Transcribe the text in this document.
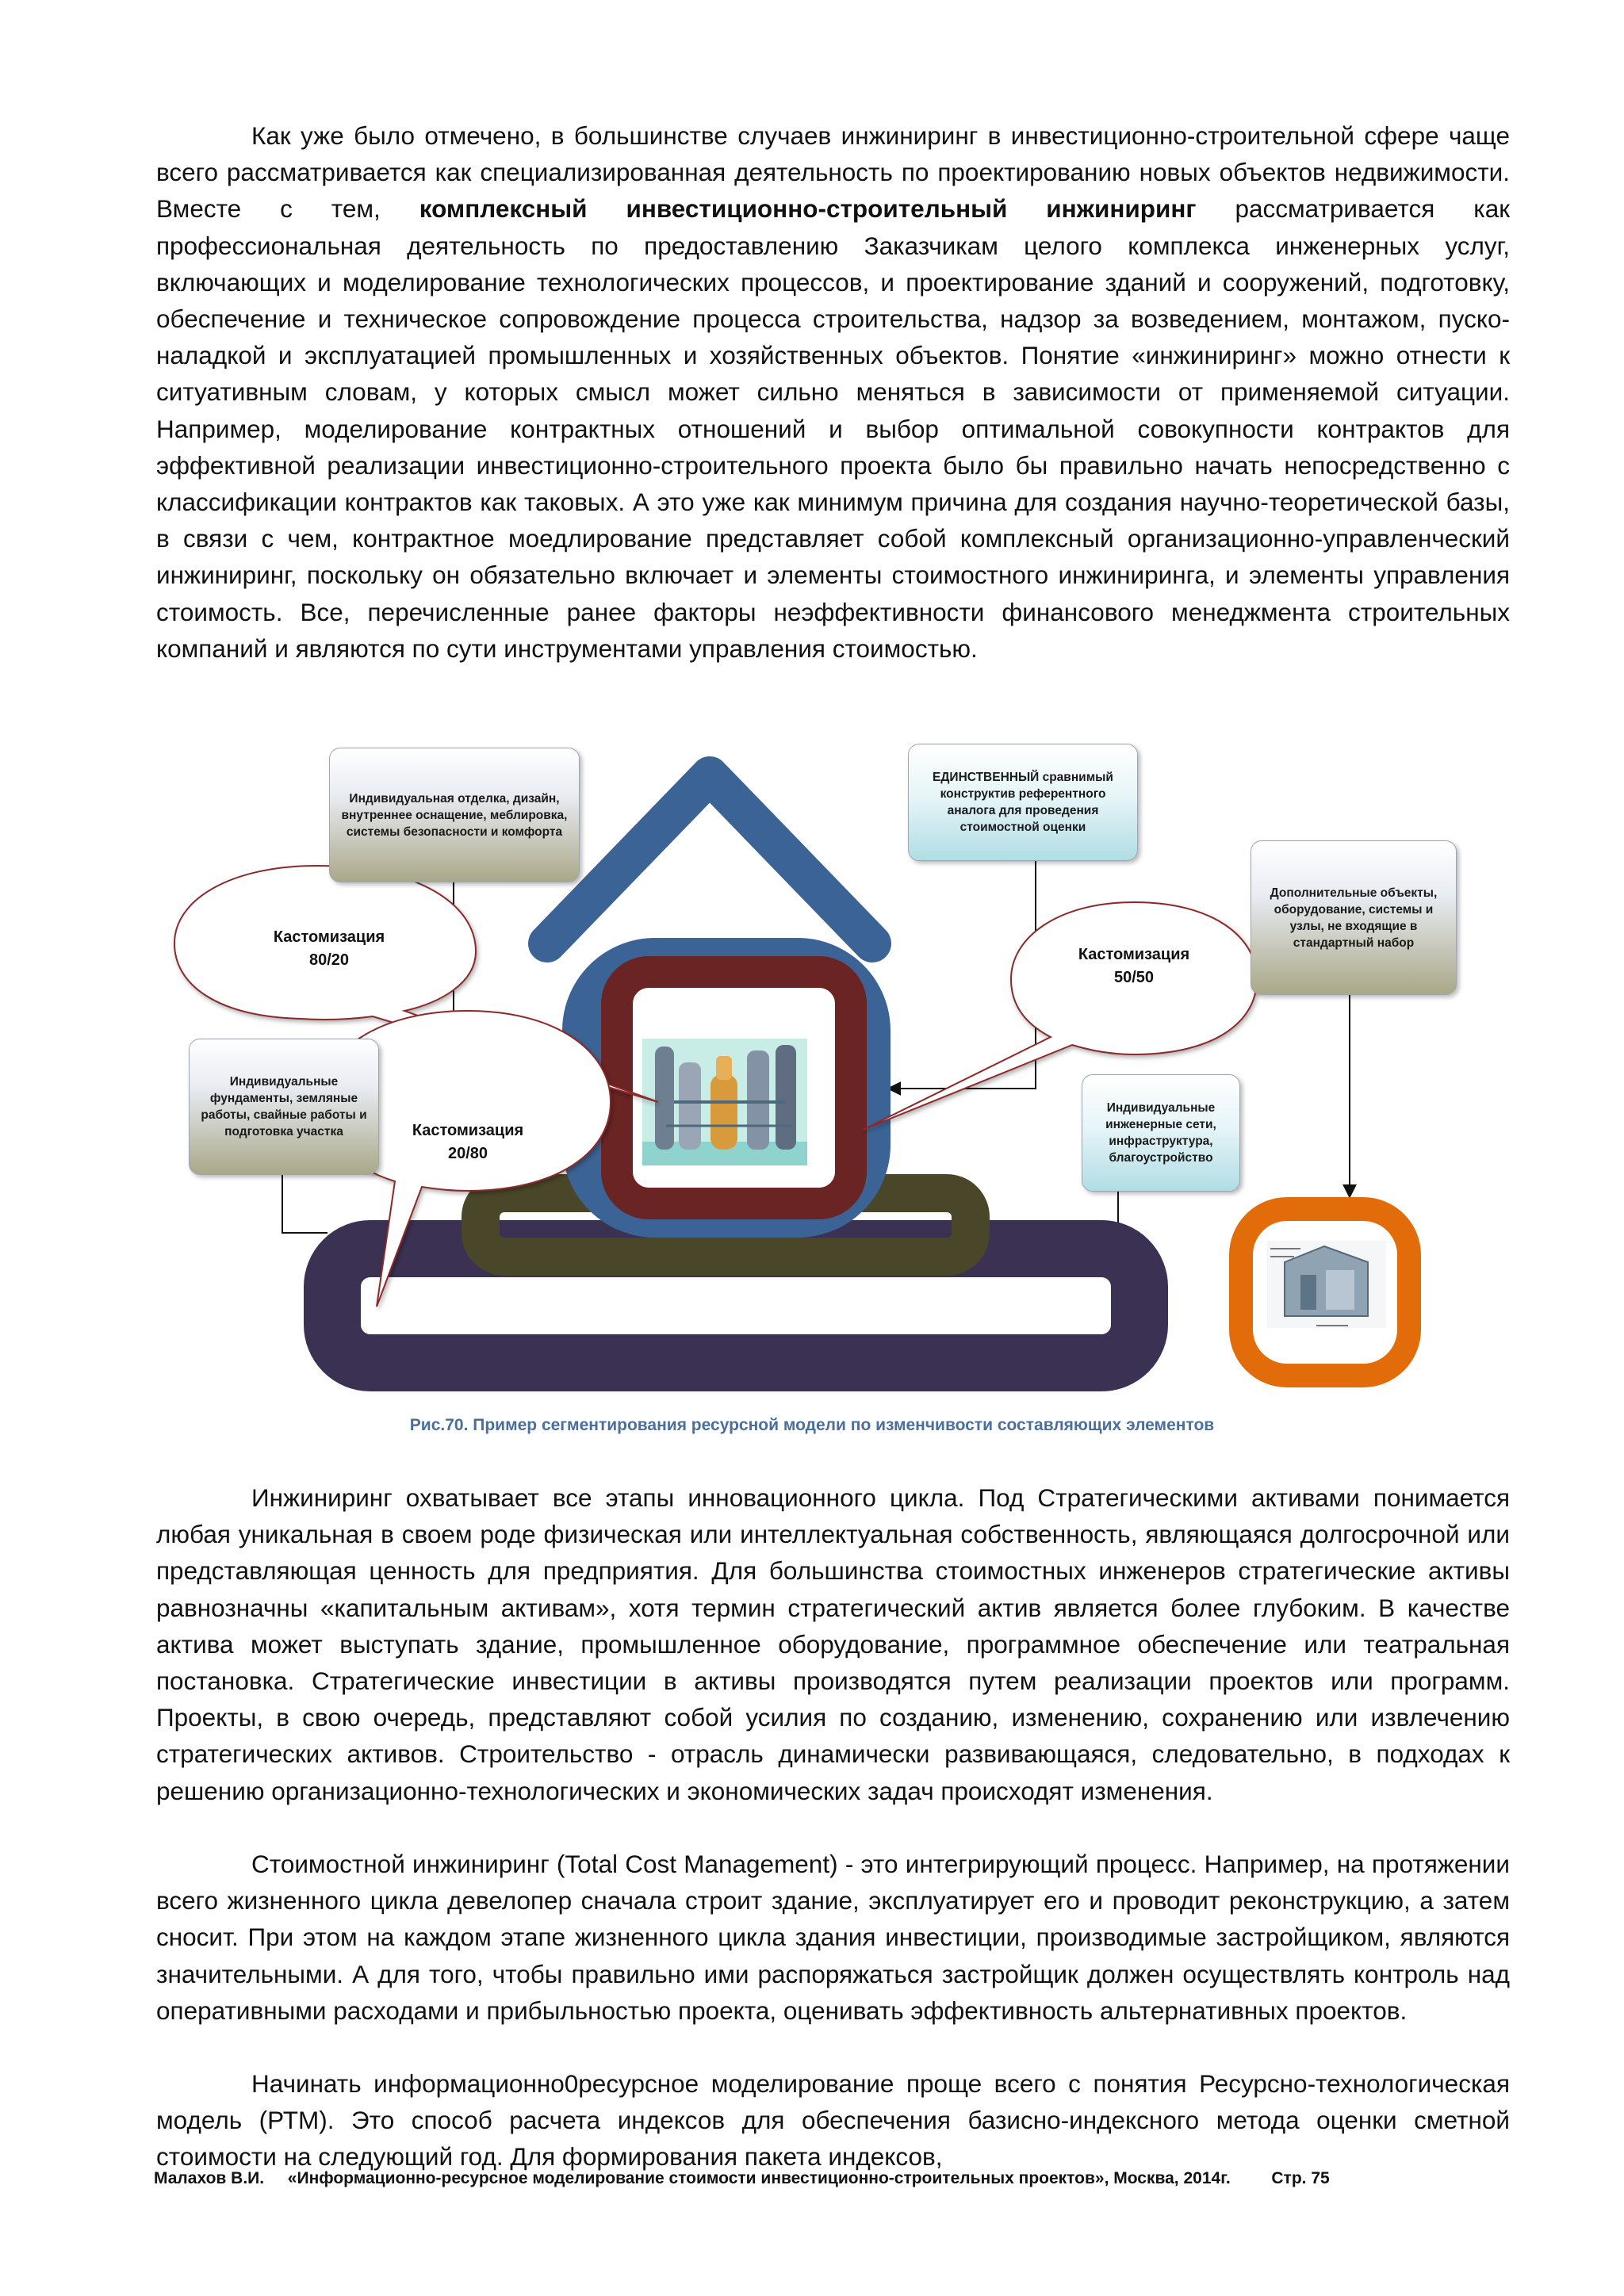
Как уже было отмечено, в большинстве случаев инжиниринг в инвестиционно-строительной сфере чаще всего рассматривается как специализированная деятельность по проектированию новых объектов недвижимости. Вместе с тем, комплексный инвестиционно-строительный инжиниринг рассматривается как профессиональная деятельность по предоставлению Заказчикам целого комплекса инженерных услуг, включающих и моделирование технологических процессов, и проектирование зданий и сооружений, подготовку, обеспечение и техническое сопровождение процесса строительства, надзор за возведением, монтажом, пуско-наладкой и эксплуатацией промышленных и хозяйственных объектов. Понятие «инжиниринг» можно отнести к ситуативным словам, у которых смысл может сильно меняться в зависимости от применяемой ситуации. Например, моделирование контрактных отношений и выбор оптимальной совокупности контрактов для эффективной реализации инвестиционно-строительного проекта было бы правильно начать непосредственно с классификации контрактов как таковых. А это уже как минимум причина для создания научно-теоретической базы, в связи с чем, контрактное моедлирование представляет собой комплексный организационно-управленческий инжиниринг, поскольку он обязательно включает и элементы стоимостного инжиниринга, и элементы управления стоимость. Все, перечисленные ранее факторы неэффективности финансового менеджмента строительных компаний и являются по сути инструментами управления стоимостью.

Индивидуальная отделка, дизайн, внутреннее оснащение, меблировка, системы безопасности и комфорта
ЕДИНСТВЕННЫЙ сравнимый конструктив референтного аналога для проведения стоимостной оценки
Дополнительные объекты, оборудование, системы и узлы, не входящие в стандартный набор
Индивидуальные фундаменты, земляные работы, свайные работы и подготовка участка
Индивидуальные инженерные сети, инфраструктура, благоустройство
Кастомизация
80/20	Кастомизация
50/50
Кастомизация
20/80
Рис.70. Пример сегментирования ресурсной модели по изменчивости составляющих элементов

Инжиниринг охватывает все этапы инновационного цикла. Под Стратегическими активами понимается любая уникальная в своем роде физическая или интеллектуальная собственность, являющаяся долгосрочной или представляющая ценность для предприятия. Для большинства стоимостных инженеров стратегические активы равнозначны «капитальным активам», хотя термин стратегический актив является более глубоким. В качестве актива может выступать здание, промышленное оборудование, программное обеспечение или театральная постановка. Стратегические инвестиции в активы производятся путем реализации проектов или программ. Проекты, в свою очередь, представляют собой усилия по созданию, изменению, сохранению или извлечению стратегических активов. Строительство - отрасль динамически развивающаяся, следовательно, в подходах к решению организационно-технологических и экономических задач происходят изменения.

Стоимостной инжиниринг (Total Cost Management) - это интегрирующий процесс. Например, на протяжении всего жизненного цикла девелопер сначала строит здание, эксплуатирует его и проводит реконструкцию, а затем сносит. При этом на каждом этапе жизненного цикла здания инвестиции, производимые застройщиком, являются значительными. А для того, чтобы правильно ими распоряжаться застройщик должен осуществлять контроль над оперативными расходами и прибыльностью проекта, оценивать эффективность альтернативных проектов.

Начинать информационно0ресурсное моделирование проще всего с понятия Ресурсно-технологическая модель (РТМ). Это способ расчета индексов для обеспечения базисно-индексного метода оценки сметной стоимости на следующий год. Для формирования пакета индексов,

Малахов В.И. «Информационно-ресурсное моделирование стоимости инвестиционно-строительных проектов», Москва, 2014г. Стр. 75
